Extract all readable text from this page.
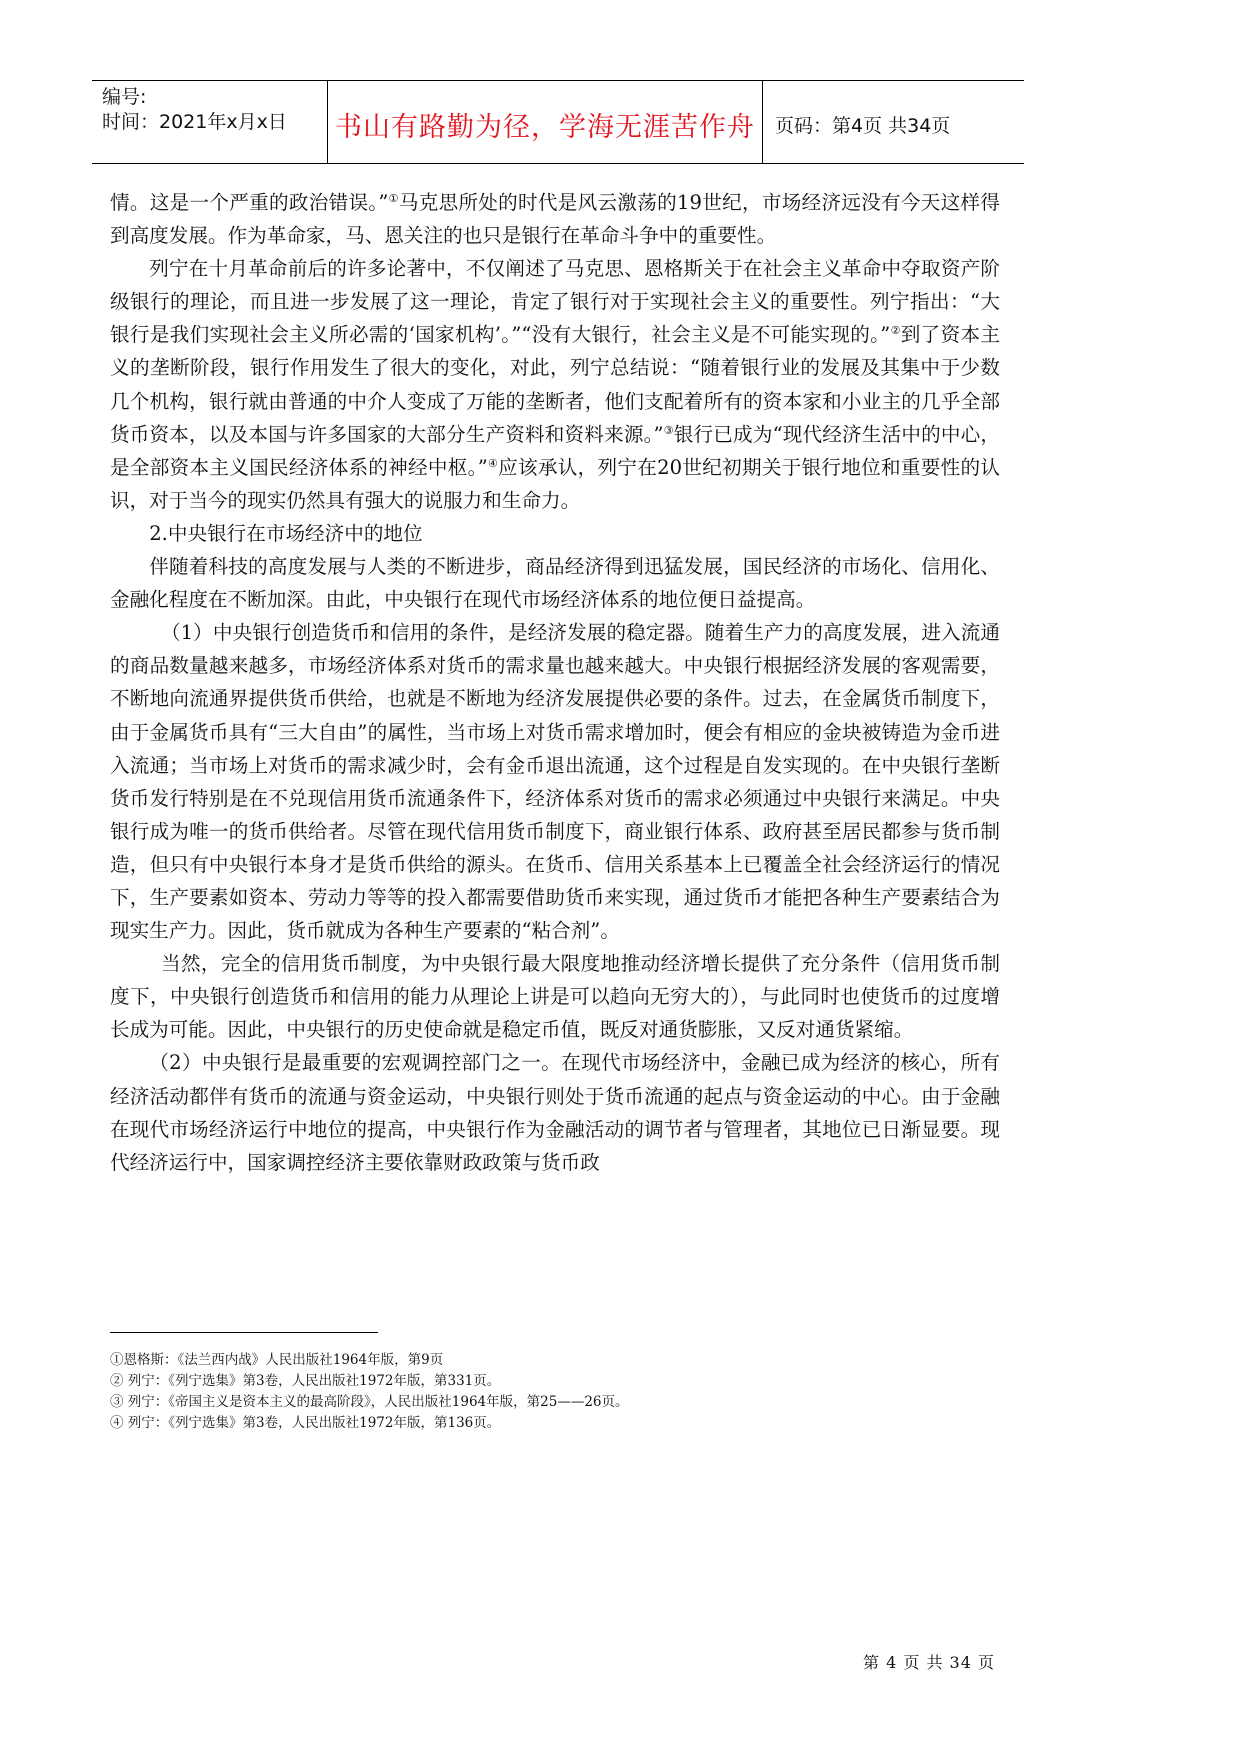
编号:
时间：2021年x月x日	书山有路勤为径，学海无涯苦作舟	页码：第4页 共34页

情。这是一个严重的政治错误。”①马克思所处的时代是风云激荡的19世纪，市场经济远没有今天这样得到高度发展。作为革命家，马、恩关注的也只是银行在革命斗争中的重要性。

列宁在十月革命前后的许多论著中，不仅阐述了马克思、恩格斯关于在社会主义革命中夺取资产阶级银行的理论，而且进一步发展了这一理论，肯定了银行对于实现社会主义的重要性。列宁指出：“大银行是我们实现社会主义所必需的‘国家机构’。”“没有大银行，社会主义是不可能实现的。”②到了资本主义的垄断阶段，银行作用发生了很大的变化，对此，列宁总结说：“随着银行业的发展及其集中于少数几个机构，银行就由普通的中介人变成了万能的垄断者，他们支配着所有的资本家和小业主的几乎全部货币资本，以及本国与许多国家的大部分生产资料和资料来源。”③银行已成为“现代经济生活中的中心，是全部资本主义国民经济体系的神经中枢。”④应该承认，列宁在20世纪初期关于银行地位和重要性的认识，对于当今的现实仍然具有强大的说服力和生命力。

2.中央银行在市场经济中的地位

伴随着科技的高度发展与人类的不断进步，商品经济得到迅猛发展，国民经济的市场化、信用化、金融化程度在不断加深。由此，中央银行在现代市场经济体系的地位便日益提高。

（1）中央银行创造货币和信用的条件，是经济发展的稳定器。随着生产力的高度发展，进入流通的商品数量越来越多，市场经济体系对货币的需求量也越来越大。中央银行根据经济发展的客观需要，不断地向流通界提供货币供给，也就是不断地为经济发展提供必要的条件。过去，在金属货币制度下，由于金属货币具有“三大自由”的属性，当市场上对货币需求增加时，便会有相应的金块被铸造为金币进入流通；当市场上对货币的需求减少时，会有金币退出流通，这个过程是自发实现的。在中央银行垄断货币发行特别是在不兑现信用货币流通条件下，经济体系对货币的需求必须通过中央银行来满足。中央银行成为唯一的货币供给者。尽管在现代信用货币制度下，商业银行体系、政府甚至居民都参与货币制造，但只有中央银行本身才是货币供给的源头。在货币、信用关系基本上已覆盖全社会经济运行的情况下，生产要素如资本、劳动力等等的投入都需要借助货币来实现，通过货币才能把各种生产要素结合为现实生产力。因此，货币就成为各种生产要素的“粘合剂”。

当然，完全的信用货币制度，为中央银行最大限度地推动经济增长提供了充分条件（信用货币制度下，中央银行创造货币和信用的能力从理论上讲是可以趋向无穷大的），与此同时也使货币的过度增长成为可能。因此，中央银行的历史使命就是稳定币值，既反对通货膨胀，又反对通货紧缩。

（2）中央银行是最重要的宏观调控部门之一。在现代市场经济中，金融已成为经济的核心，所有经济活动都伴有货币的流通与资金运动，中央银行则处于货币流通的起点与资金运动的中心。由于金融在现代市场经济运行中地位的提高，中央银行作为金融活动的调节者与管理者，其地位已日渐显要。现代经济运行中，国家调控经济主要依靠财政政策与货币政

①恩格斯：《法兰西内战》人民出版社1964年版，第9页
② 列宁：《列宁选集》第3卷，人民出版社1972年版，第331页。
③ 列宁：《帝国主义是资本主义的最高阶段》，人民出版社1964年版，第25——26页。
④ 列宁：《列宁选集》第3卷，人民出版社1972年版，第136页。
第 4 页 共 34 页
